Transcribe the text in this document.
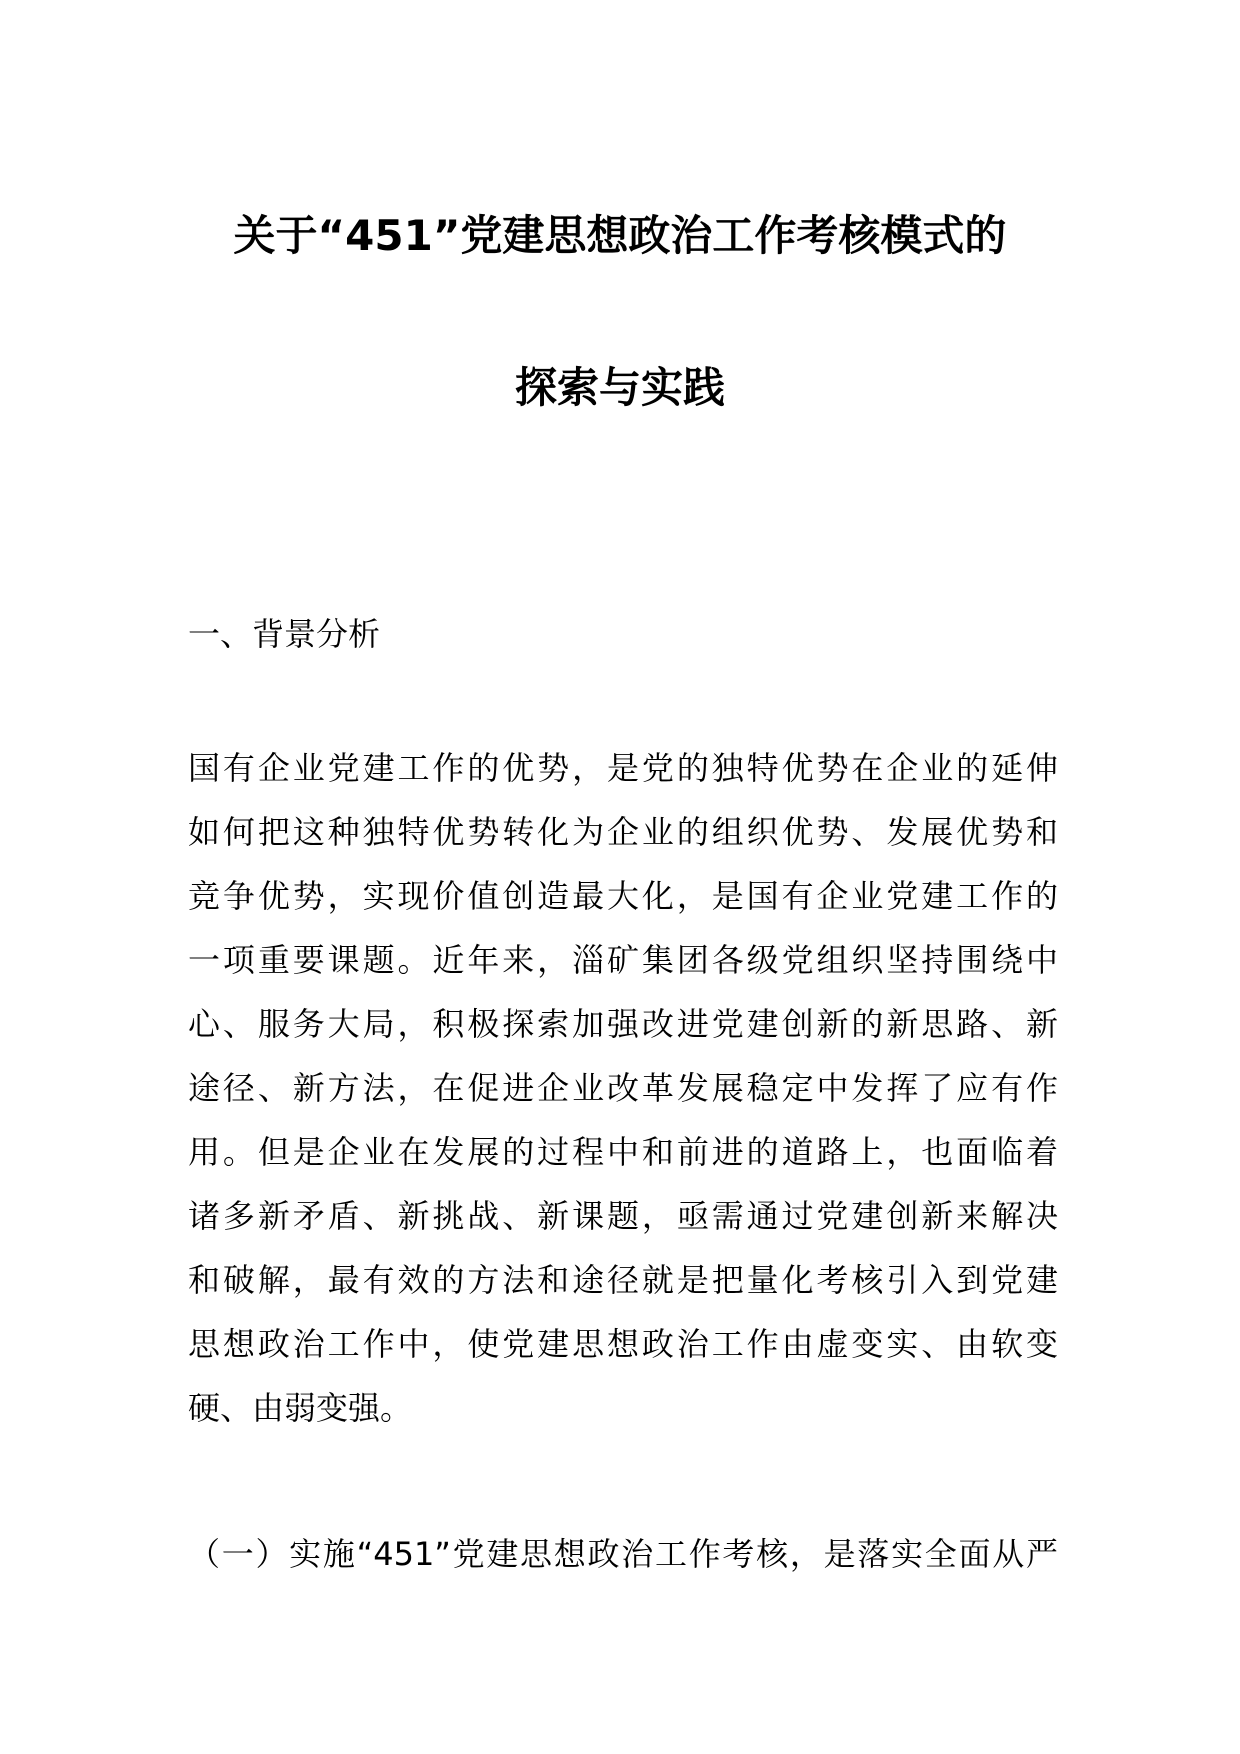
关于“451”党建思想政治工作考核模式的
探索与实践
一、背景分析
国有企业党建工作的优势，是党的独特优势在企业的延伸
如何把这种独特优势转化为企业的组织优势、发展优势和
竞争优势，实现价值创造最大化，是国有企业党建工作的
一项重要课题。近年来，淄矿集团各级党组织坚持围绕中
心、服务大局，积极探索加强改进党建创新的新思路、新
途径、新方法，在促进企业改革发展稳定中发挥了应有作
用。但是企业在发展的过程中和前进的道路上，也面临着
诸多新矛盾、新挑战、新课题，亟需通过党建创新来解决
和破解，最有效的方法和途径就是把量化考核引入到党建
思想政治工作中，使党建思想政治工作由虚变实、由软变
硬、由弱变强。
（一）实施“451”党建思想政治工作考核，是落实全面从严
